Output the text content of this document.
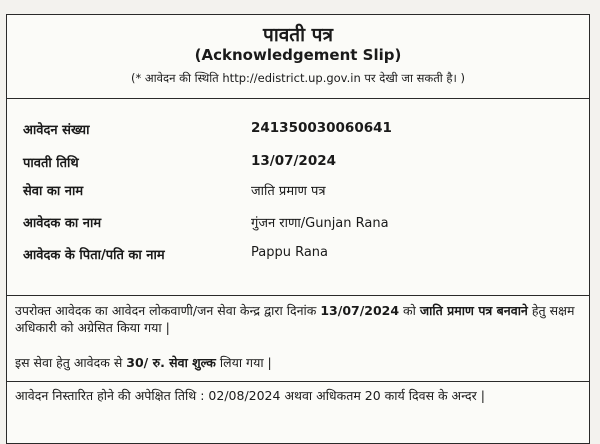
पावती पत्र
(Acknowledgement Slip)
(* आवेदन की स्थिति http://edistrict.up.gov.in पर देखी जा सकती है। )
आवेदन संख्या	241350030060641
पावती तिथि	13/07/2024
सेवा का नाम	जाति प्रमाण पत्र
आवेदक का नाम	गुंजन राणा/Gunjan Rana
आवेदक के पिता/पति का नाम	Pappu Rana
उपरोक्त आवेदक का आवेदन लोकवाणी/जन सेवा केन्द्र द्वारा दिनांक 13/07/2024 को जाति प्रमाण पत्र बनवाने हेतु सक्षम अधिकारी को अग्रेसित किया गया |
इस सेवा हेतु आवेदक से 30/ रु. सेवा शुल्क लिया गया |
आवेदन निस्तारित होने की अपेक्षित तिथि : 02/08/2024 अथवा अधिकतम 20 कार्य दिवस के अन्दर |
